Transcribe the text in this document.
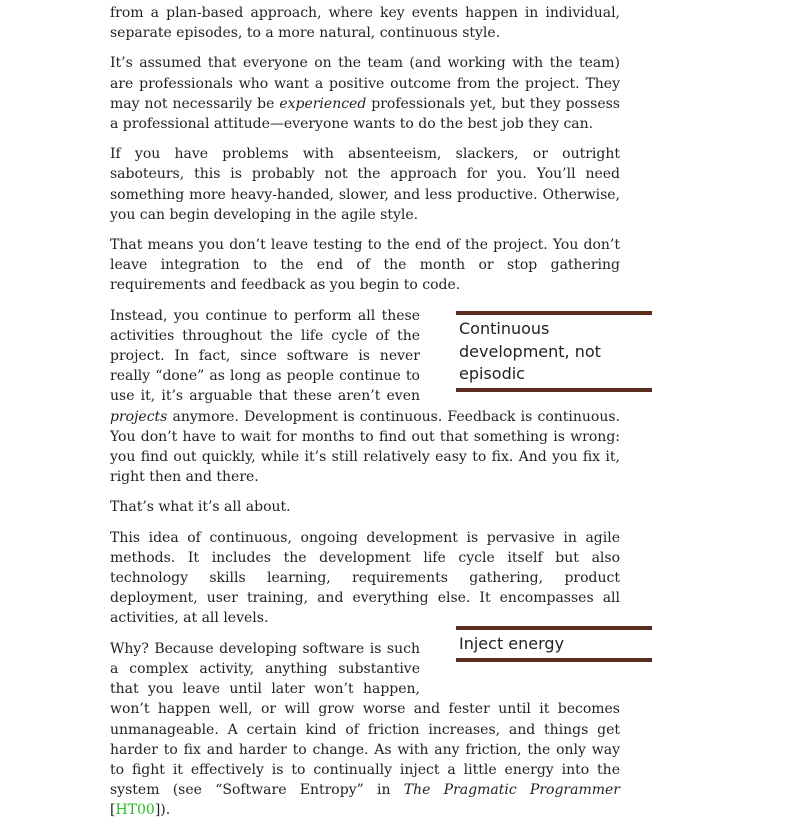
from a plan-based approach, where key events happen in individual, separate episodes, to a more natural, continuous style.

It’s assumed that everyone on the team (and working with the team) are professionals who want a positive outcome from the project. They may not necessarily be experienced professionals yet, but they possess a professional attitude—everyone wants to do the best job they can.

If you have problems with absenteeism, slackers, or outright saboteurs, this is probably not the approach for you. You’ll need something more heavy-handed, slower, and less productive. Otherwise, you can begin developing in the agile style.

That means you don’t leave testing to the end of the project. You don’t leave integration to the end of the month or stop gathering requirements and feedback as you begin to code.

Instead, you continue to perform all these activities throughout the life cycle of the project. In fact, since software is never really “done” as long as people continue to use it, it’s arguable that these aren’t even projects anymore. Development is continuous. Feedback is continuous. You don’t have to wait for months to find out that something is wrong: you find out quickly, while it’s still relatively easy to fix. And you fix it, right then and there.

That’s what it’s all about.

This idea of continuous, ongoing development is pervasive in agile methods. It includes the development life cycle itself but also technology skills learning, requirements gathering, product deployment, user training, and everything else. It encompasses all activities, at all levels.

Why? Because developing software is such a complex activity, anything substantive that you leave until later won’t happen, won’t happen well, or will grow worse and fester until it becomes unmanageable. A certain kind of friction increases, and things get harder to fix and harder to change. As with any friction, the only way to fight it effectively is to continually inject a little energy into the system (see “Software Entropy” in The Pragmatic Programmer [HT00]).

Continuous development, not episodic
Inject energy
